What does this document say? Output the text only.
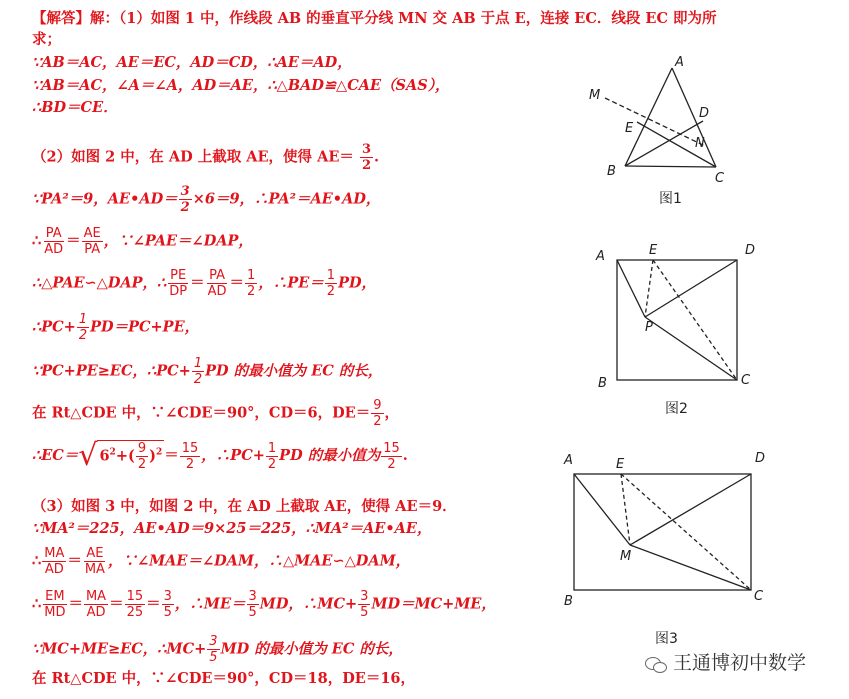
【解答】解：（1）如图 1 中，作线段 AB 的垂直平分线 MN 交 AB 于点 E，连接 EC．线段 EC 即为所
求；
∵AB＝AC，AE＝EC，AD＝CD，∴AE＝AD，
∵AB＝AC，∠A＝∠A，AD＝AE，∴△BAD≌△CAE（SAS），
∴BD＝CE．
（2）如图 2 中，在 AD 上截取 AE，使得 $AE= \frac{3}{2}$ .
∵PA²＝9，AE•AD＝ $\frac{3}{2} \times 6=9$，∴PA²＝AE•AD，
∴ $\frac{PA}{AD} = \frac{AE}{PA}$ ，∵∠PAE＝∠DAP，
∴△PAE∽△DAP，∴ $\frac{PE}{DP} = \frac{PA}{AD} = \frac{1}{2}$ ，∴PE＝ $\frac{1}{2}$ PD，
∴PC+ $\frac{1}{2} PD=PC+PE$，
∵PC+PE≥EC，∴PC+ $\frac{1}{2}$ PD 的最小值为 EC 的长，
在 Rt△CDE 中，∵∠CDE＝90°，CD＝6，$DE= \frac{9}{2}$ ，
∴EC＝√ $6^2+( \frac{9}{2} )^2 = \frac{15}{2}$ ，∴PC+ $\frac{1}{2}$ PD 的最小值为 $\frac{15}{2}$ .
（3）如图 3 中，如图 2 中，在 AD 上截取 AE，使得 AE＝9．
∵MA²＝225，AE•AD＝9×25＝225，∴MA²＝AE•AE，
∴ $\frac{MA}{AD} = \frac{AE}{MA}$ ，∵∠MAE＝∠DAM，∴△MAE∽△DAM，
∴ $\frac{EM}{MD} = \frac{MA}{AD} = \frac{15}{25} = \frac{3}{5}$ ，∴ME＝ $\frac{3}{5}$ MD，∴MC+ $\frac{3}{5} MD=MC+ME$，
∵MC+ME≥EC，∴MC+ $\frac{3}{5}$ MD 的最小值为 EC 的长，
在 Rt△CDE 中，∵∠CDE＝90°，CD＝18，DE＝16，
A
M
E
D
N
B	C
图1
A	E	D
P
B	C
图2
A	E	D
M
B	C
图3
王通博初中数学
